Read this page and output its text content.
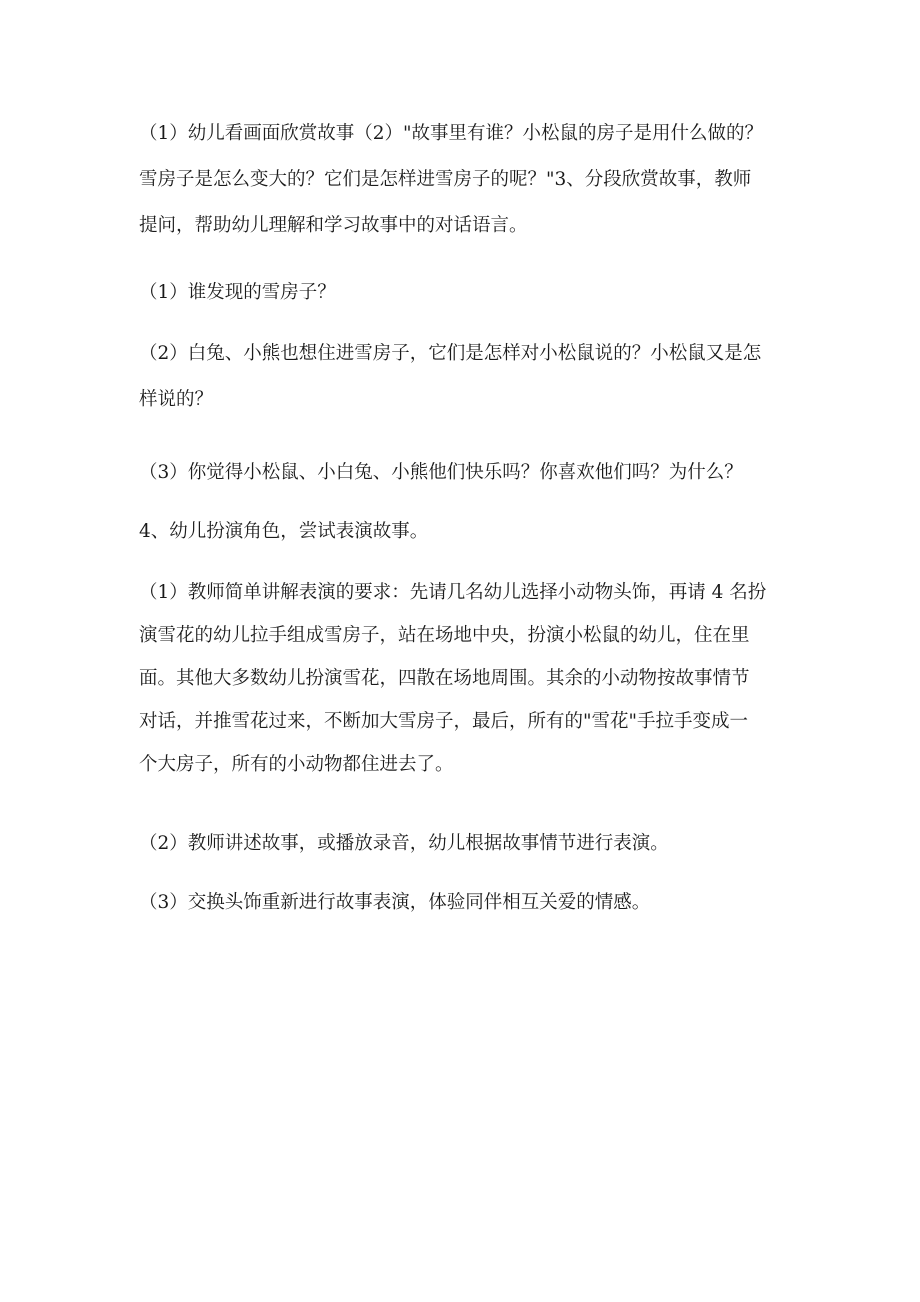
（1）幼儿看画面欣赏故事（2）"故事里有谁？小松鼠的房子是用什么做的？
雪房子是怎么变大的？它们是怎样进雪房子的呢？"3、分段欣赏故事，教师
提问，帮助幼儿理解和学习故事中的对话语言。
（1）谁发现的雪房子？
（2）白兔、小熊也想住进雪房子，它们是怎样对小松鼠说的？小松鼠又是怎
样说的？
（3）你觉得小松鼠、小白兔、小熊他们快乐吗？你喜欢他们吗？为什么？
4、幼儿扮演角色，尝试表演故事。
（1）教师简单讲解表演的要求：先请几名幼儿选择小动物头饰，再请 4 名扮
演雪花的幼儿拉手组成雪房子，站在场地中央，扮演小松鼠的幼儿，住在里
面。其他大多数幼儿扮演雪花，四散在场地周围。其余的小动物按故事情节
对话，并推雪花过来，不断加大雪房子，最后，所有的"雪花"手拉手变成一
个大房子，所有的小动物都住进去了。
（2）教师讲述故事，或播放录音，幼儿根据故事情节进行表演。
（3）交换头饰重新进行故事表演，体验同伴相互关爱的情感。
